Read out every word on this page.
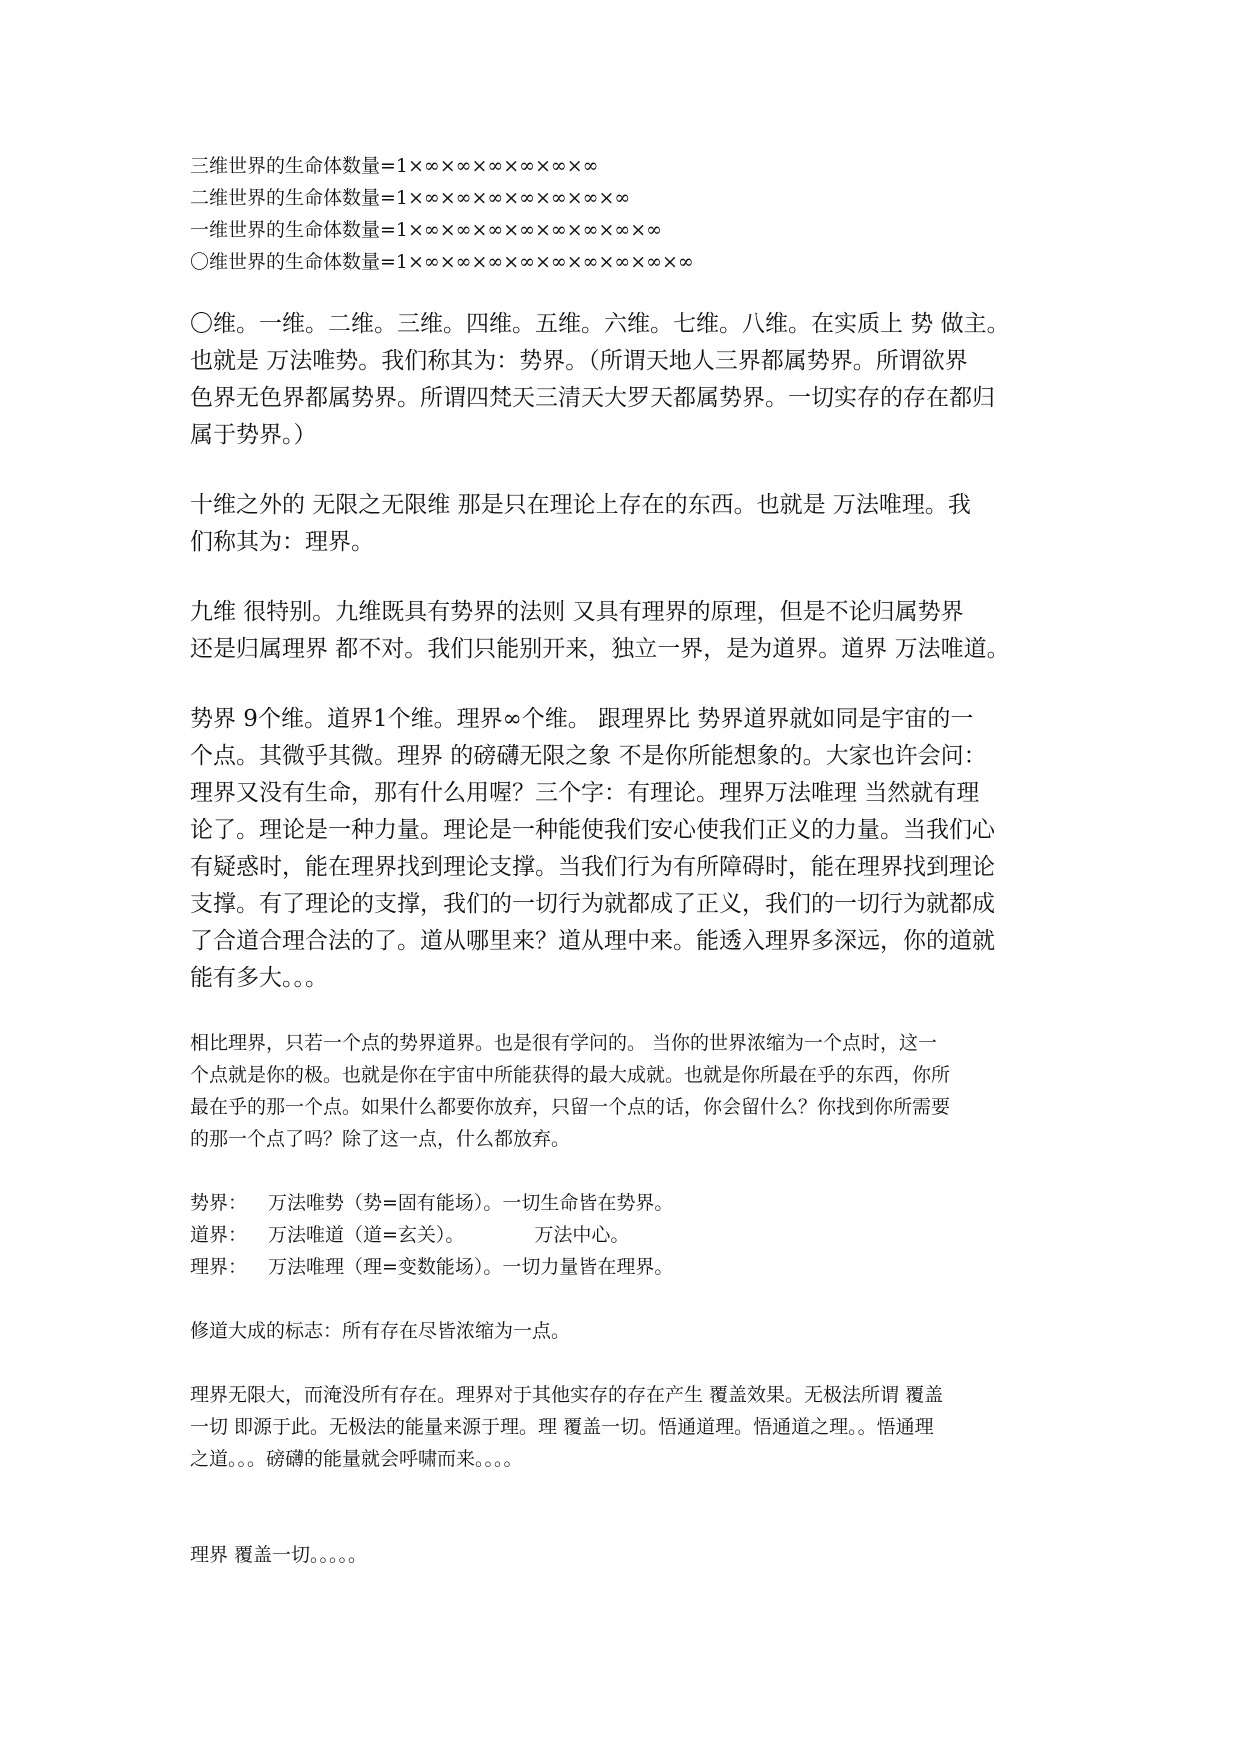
三维世界的生命体数量=1×∞×∞×∞×∞×∞×∞
二维世界的生命体数量=1×∞×∞×∞×∞×∞×∞×∞
一维世界的生命体数量=1×∞×∞×∞×∞×∞×∞×∞×∞
〇维世界的生命体数量=1×∞×∞×∞×∞×∞×∞×∞×∞×∞
〇维。一维。二维。三维。四维。五维。六维。七维。八维。在实质上 势 做主。
也就是 万法唯势。我们称其为：势界。（所谓天地人三界都属势界。所谓欲界
色界无色界都属势界。所谓四梵天三清天大罗天都属势界。一切实存的存在都归
属于势界。）
十维之外的 无限之无限维 那是只在理论上存在的东西。也就是 万法唯理。我
们称其为：理界。
九维 很特别。九维既具有势界的法则 又具有理界的原理，但是不论归属势界
还是归属理界 都不对。我们只能别开来，独立一界，是为道界。道界 万法唯道。
势界 9个维。道界1个维。理界∞个维。 跟理界比 势界道界就如同是宇宙的一
个点。其微乎其微。理界 的磅礴无限之象 不是你所能想象的。大家也许会问：
理界又没有生命，那有什么用喔？三个字：有理论。理界万法唯理 当然就有理
论了。理论是一种力量。理论是一种能使我们安心使我们正义的力量。当我们心
有疑惑时，能在理界找到理论支撑。当我们行为有所障碍时，能在理界找到理论
支撑。有了理论的支撑，我们的一切行为就都成了正义，我们的一切行为就都成
了合道合理合法的了。道从哪里来？道从理中来。能透入理界多深远，你的道就
能有多大。。。
相比理界，只若一个点的势界道界。也是很有学问的。 当你的世界浓缩为一个点时，这一
个点就是你的极。也就是你在宇宙中所能获得的最大成就。也就是你所最在乎的东西，你所
最在乎的那一个点。如果什么都要你放弃，只留一个点的话，你会留什么？你找到你所需要
的那一个点了吗？除了这一点，什么都放弃。
势界： 万法唯势（势=固有能场）。一切生命皆在势界。
道界： 万法唯道（道=玄关）。	万法中心。
理界： 万法唯理（理=变数能场）。一切力量皆在理界。
修道大成的标志：所有存在尽皆浓缩为一点。
理界无限大，而淹没所有存在。理界对于其他实存的存在产生 覆盖效果。无极法所谓 覆盖
一切 即源于此。无极法的能量来源于理。理 覆盖一切。悟通道理。悟通道之理。。悟通理
之道。。。磅礴的能量就会呼啸而来。。。。
理界 覆盖一切。。。。。
